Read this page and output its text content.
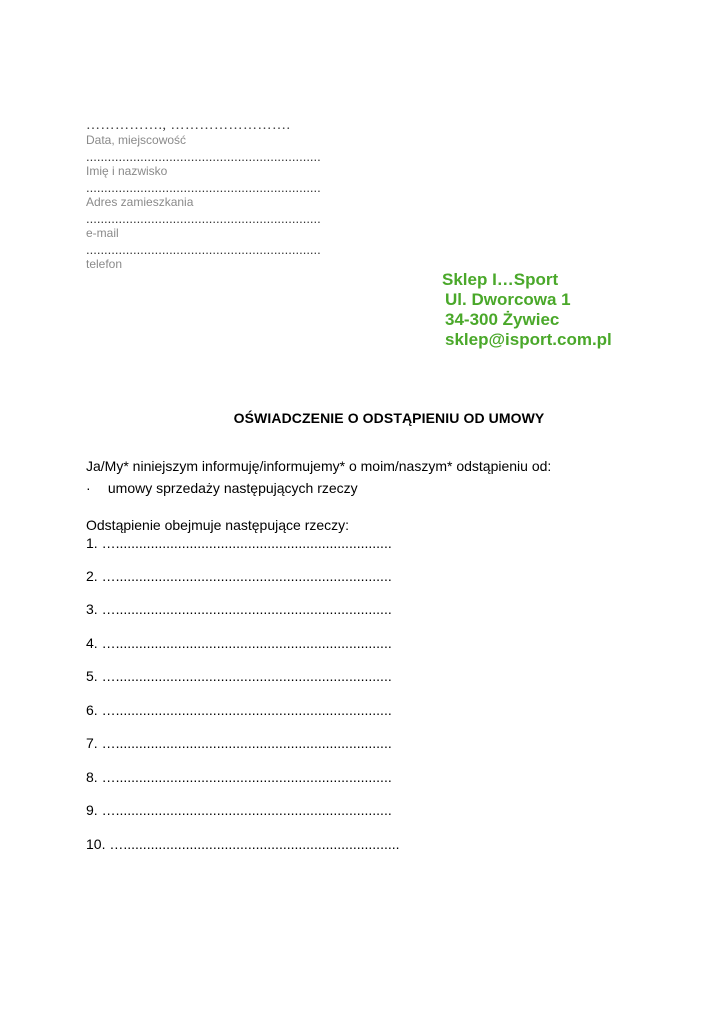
……………., …………………….
Data, miejscowość
.................................................................
Imię i nazwisko
.................................................................
Adres zamieszkania
.................................................................
e-mail
.................................................................
telefon
Sklep I…Sport
Ul. Dworcowa 1
34-300 Żywiec
sklep@isport.com.pl
OŚWIADCZENIE O ODSTĄPIENIU OD UMOWY
Ja/My* niniejszym informuję/informujemy* o moim/naszym* odstąpieniu od:
· umowy sprzedaży następujących rzeczy
Odstąpienie obejmuje następujące rzeczy:
1. ….......................................................................
2. ….......................................................................
3. ….......................................................................
4. ….......................................................................
5. ….......................................................................
6. ….......................................................................
7. ….......................................................................
8. ….......................................................................
9. ….......................................................................
10. ….......................................................................
